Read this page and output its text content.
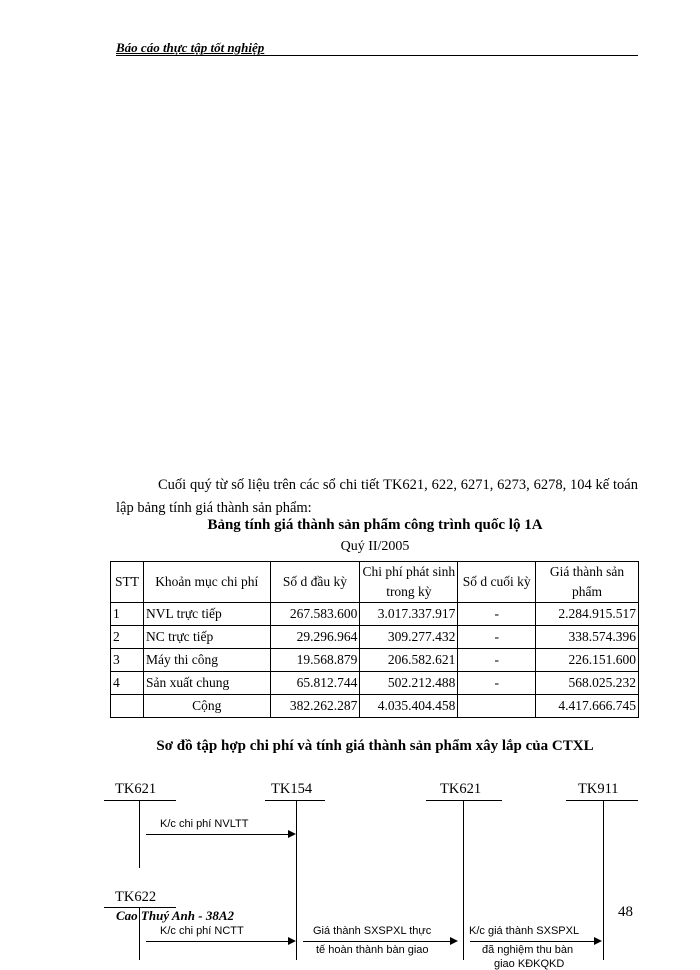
Báo cáo thực tập tốt nghiệp
Cuối quý từ số liệu trên các sổ chi tiết TK621, 622, 6271, 6273, 6278, 104 kế toán lập bảng tính giá thành sản phẩm:
Bảng tính giá thành sản phẩm công trình quốc lộ 1A
Quý II/2005
STT	Khoản mục chi phí	Số d đầu kỳ	Chi phí phát sinh trong kỳ	Số d cuối kỳ	Giá thành sản phẩm
1	NVL trực tiếp	267.583.600	3.017.337.917	-	2.284.915.517
2	NC trực tiếp	29.296.964	309.277.432	-	338.574.396
3	Máy thi công	19.568.879	206.582.621	-	226.151.600
4	Sản xuất chung	65.812.744	502.212.488	-	568.025.232
	Cộng	382.262.287	4.035.404.458		4.417.666.745
Sơ đồ tập hợp chi phí và tính giá thành sản phẩm xây lắp của CTXL
TK621	TK154	TK621	TK911
TK622
K/c chi phí NVLTT
K/c chi phí NCTT	Giá thành SXSPXL thực
tế hoàn thành bàn giao
K/c giá thành SXSPXL
đã nghiệm thu bàn
giao KĐKQKD
Cao Thuý Anh - 38A2	48
